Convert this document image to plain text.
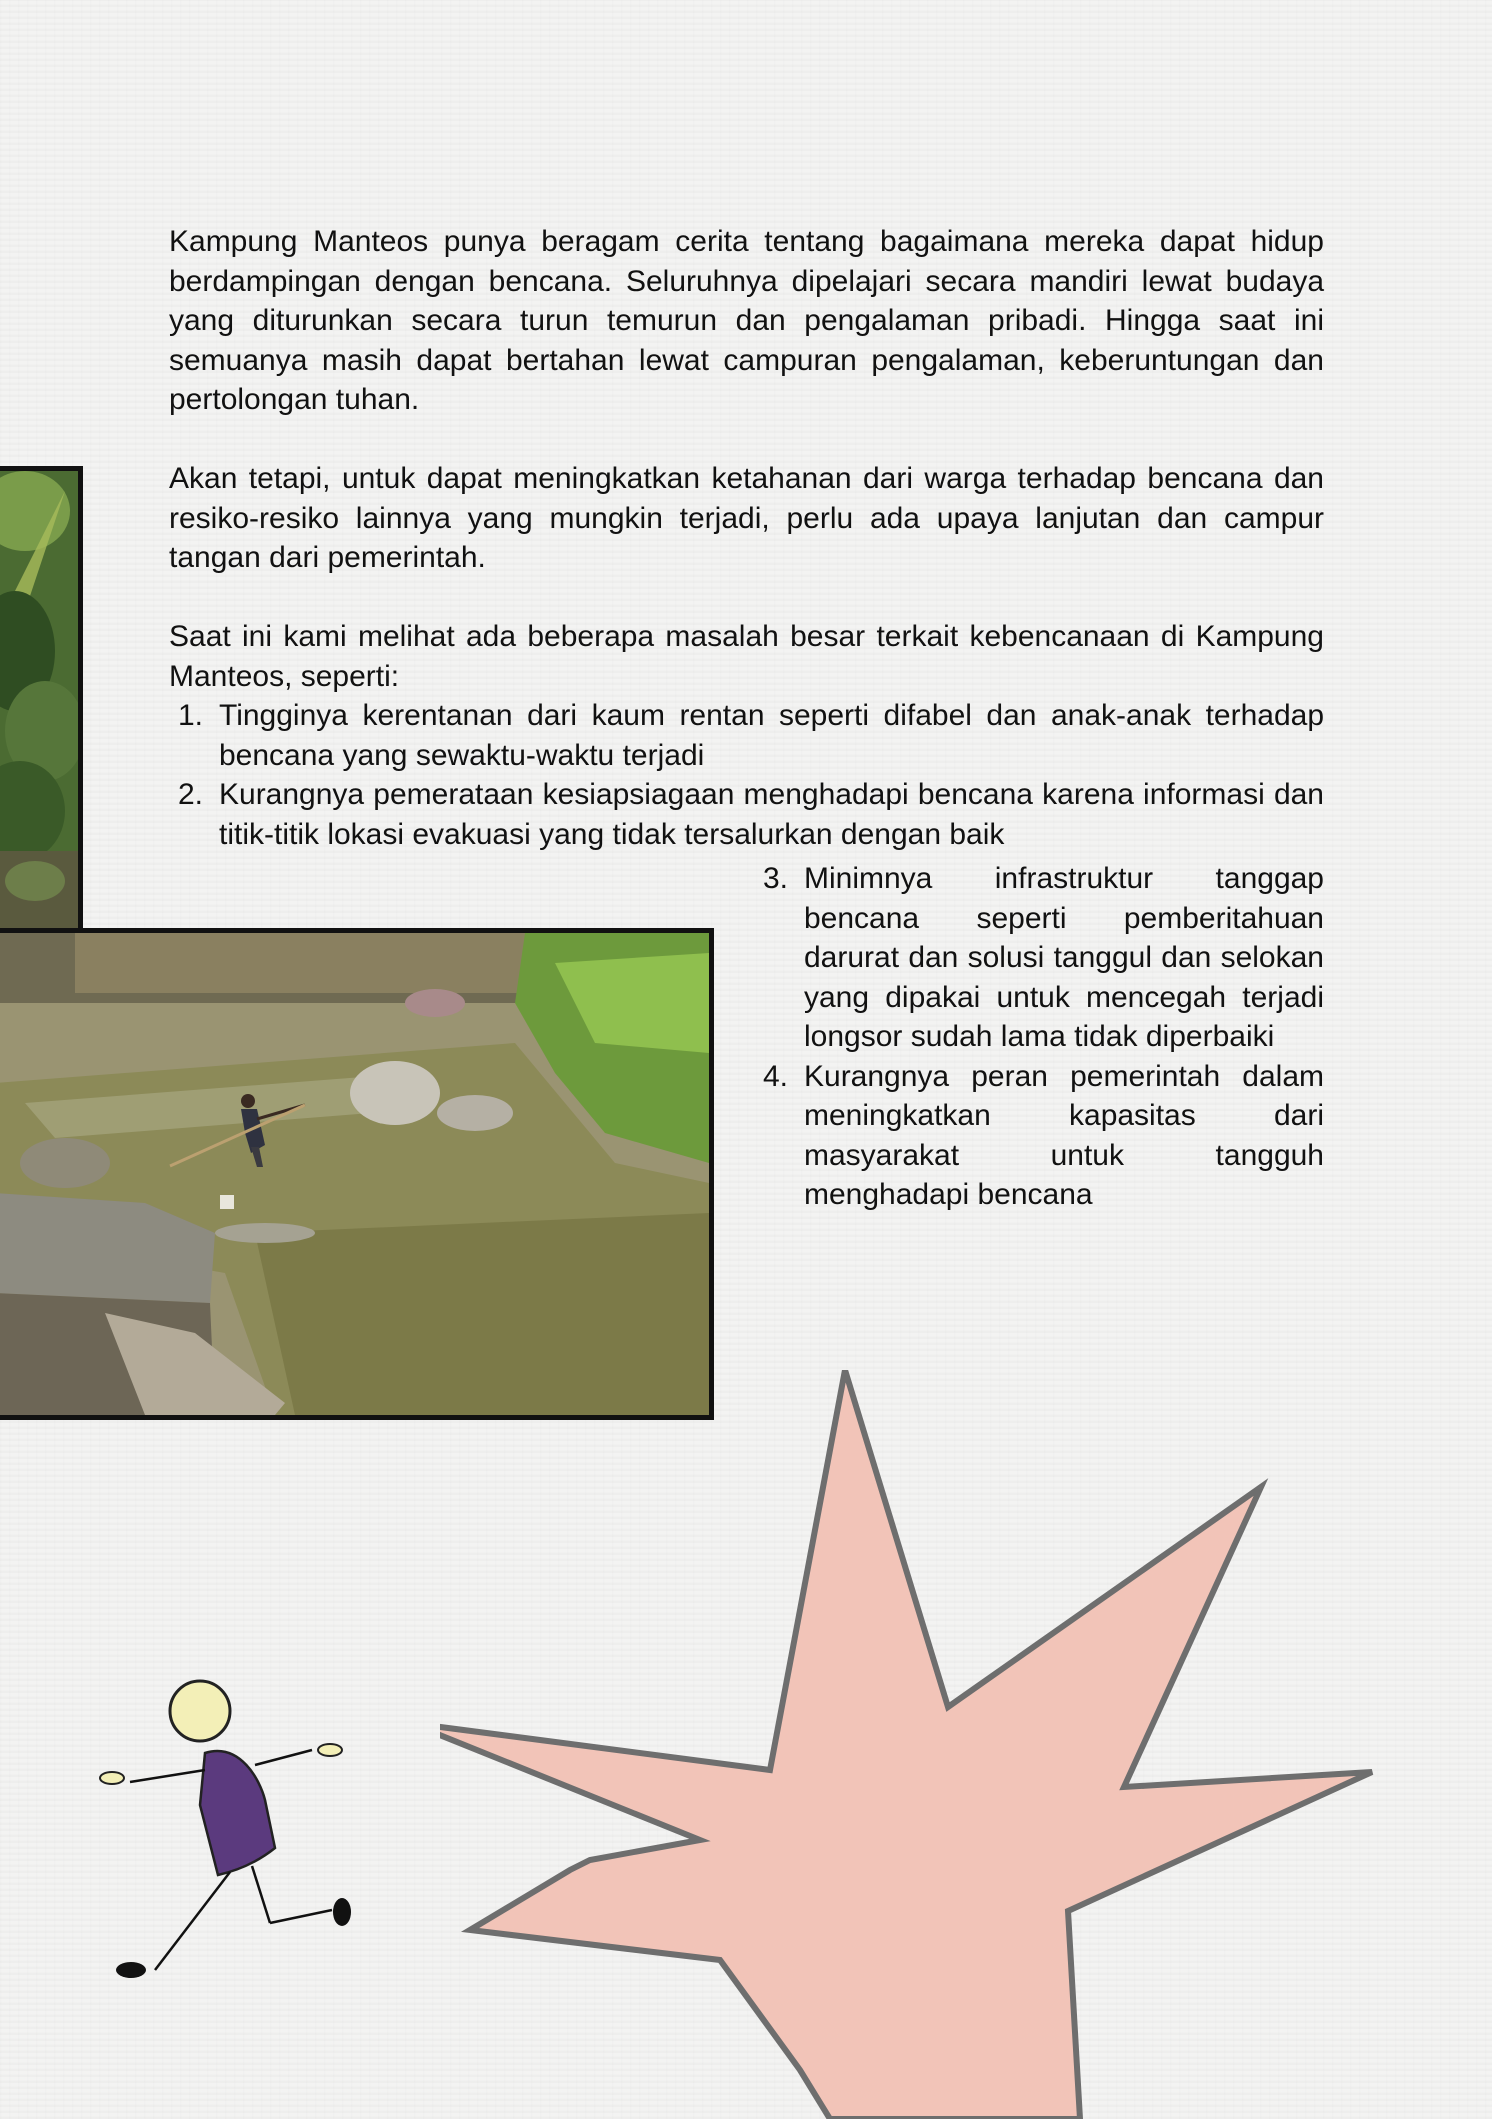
Kampung Manteos punya beragam cerita tentang bagaimana mereka dapat hidup berdampingan dengan bencana. Seluruhnya dipelajari secara mandiri lewat budaya yang diturunkan secara turun temurun dan pengalaman pribadi. Hingga saat ini semuanya masih dapat bertahan lewat campuran pengalaman, keberuntungan dan pertolongan tuhan.

Akan tetapi, untuk dapat meningkatkan ketahanan dari warga terhadap bencana dan resiko-resiko lainnya yang mungkin terjadi, perlu ada upaya lanjutan dan campur tangan dari pemerintah.

Saat ini kami melihat ada beberapa masalah besar terkait kebencanaan di Kampung Manteos, seperti:

1. Tingginya kerentanan dari kaum rentan seperti difabel dan anak-anak terhadap bencana yang sewaktu-waktu terjadi
2. Kurangnya pemerataan kesiapsiagaan menghadapi bencana karena informasi dan titik-titik lokasi evakuasi yang tidak tersalurkan dengan baik
3. Minimnya infrastruktur tanggap bencana seperti pemberitahuan darurat dan solusi tanggul dan selokan yang dipakai untuk mencegah terjadi longsor sudah lama tidak diperbaiki
4. Kurangnya peran pemerintah dalam meningkatkan kapasitas dari masyarakat untuk tangguh menghadapi bencana
